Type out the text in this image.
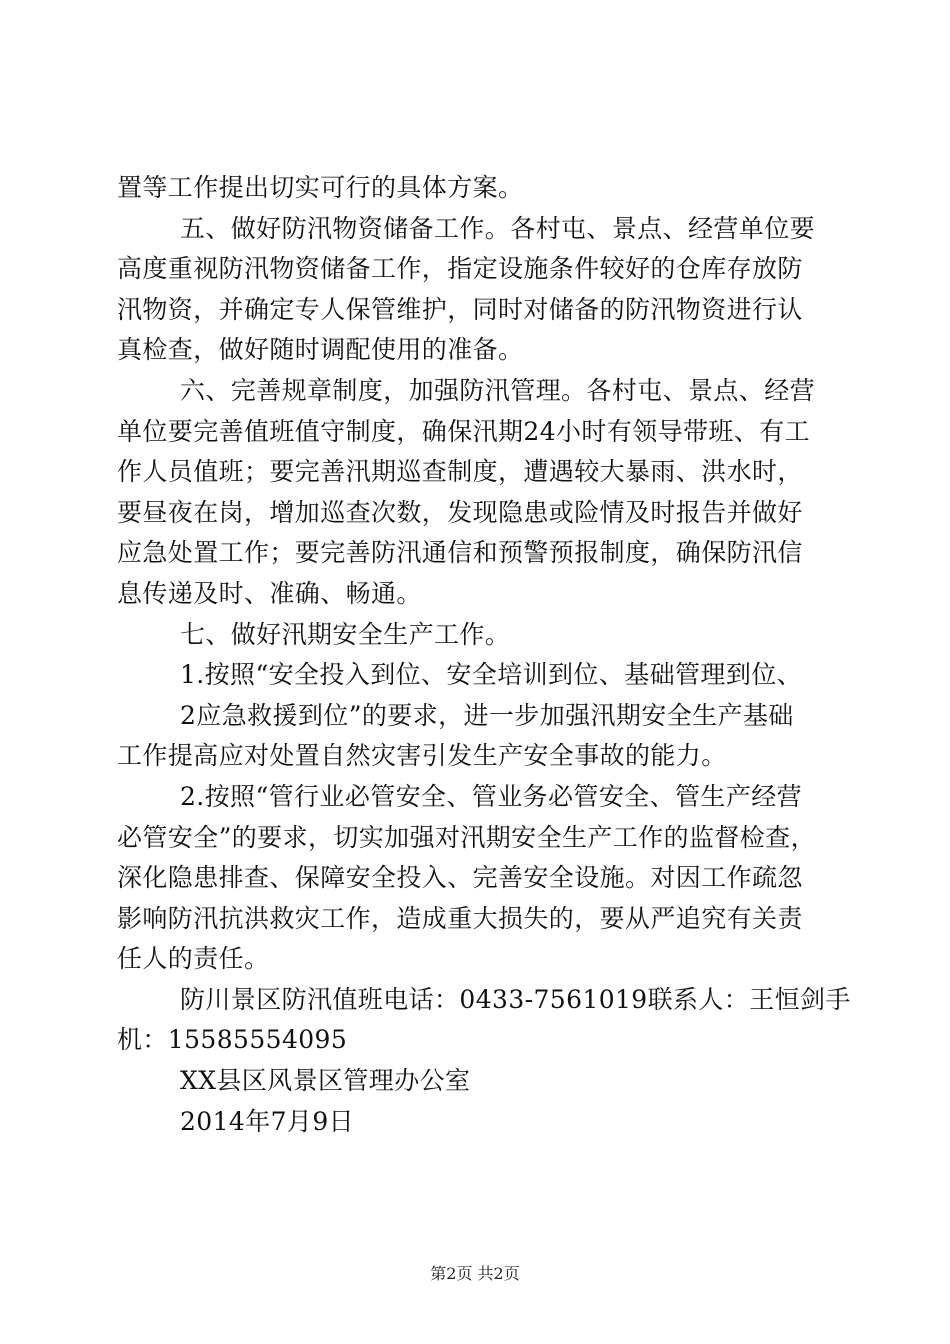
置等工作提出切实可行的具体方案。
五、做好防汛物资储备工作。各村屯、景点、经营单位要
高度重视防汛物资储备工作，指定设施条件较好的仓库存放防
汛物资，并确定专人保管维护，同时对储备的防汛物资进行认
真检查，做好随时调配使用的准备。
六、完善规章制度，加强防汛管理。各村屯、景点、经营
单位要完善值班值守制度，确保汛期24小时有领导带班、有工
作人员值班；要完善汛期巡查制度，遭遇较大暴雨、洪水时，
要昼夜在岗，增加巡查次数，发现隐患或险情及时报告并做好
应急处置工作；要完善防汛通信和预警预报制度，确保防汛信
息传递及时、准确、畅通。
七、做好汛期安全生产工作。
1.按照“安全投入到位、安全培训到位、基础管理到位、
2应急救援到位”的要求，进一步加强汛期安全生产基础
工作提高应对处置自然灾害引发生产安全事故的能力。
2.按照“管行业必管安全、管业务必管安全、管生产经营
必管安全”的要求，切实加强对汛期安全生产工作的监督检查，
深化隐患排查、保障安全投入、完善安全设施。对因工作疏忽
影响防汛抗洪救灾工作，造成重大损失的，要从严追究有关责
任人的责任。
防川景区防汛值班电话：0433-7561019联系人：王恒剑手
机：15585554095
XX县区风景区管理办公室
2014年7月9日
第2页 共2页
